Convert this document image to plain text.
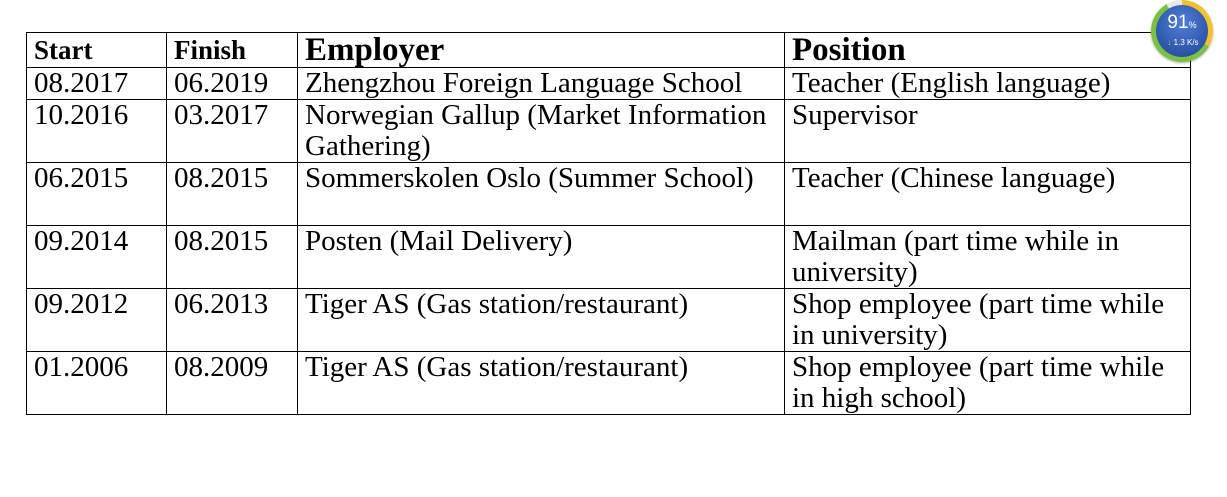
Start	Finish	Employer	Position
08.2017	06.2019	Zhengzhou Foreign Language School	Teacher (English language)
10.2016	03.2017	Norwegian Gallup (Market Information Gathering)	Supervisor
06.2015	08.2015	Sommerskolen Oslo (Summer School)	Teacher (Chinese language)
09.2014	08.2015	Posten (Mail Delivery)	Mailman (part time while in university)
09.2012	06.2013	Tiger AS (Gas station/restaurant)	Shop employee (part time while in university)
01.2006	08.2009	Tiger AS (Gas station/restaurant)	Shop employee (part time while in high school)
91%
↓ 1.3 K/s
